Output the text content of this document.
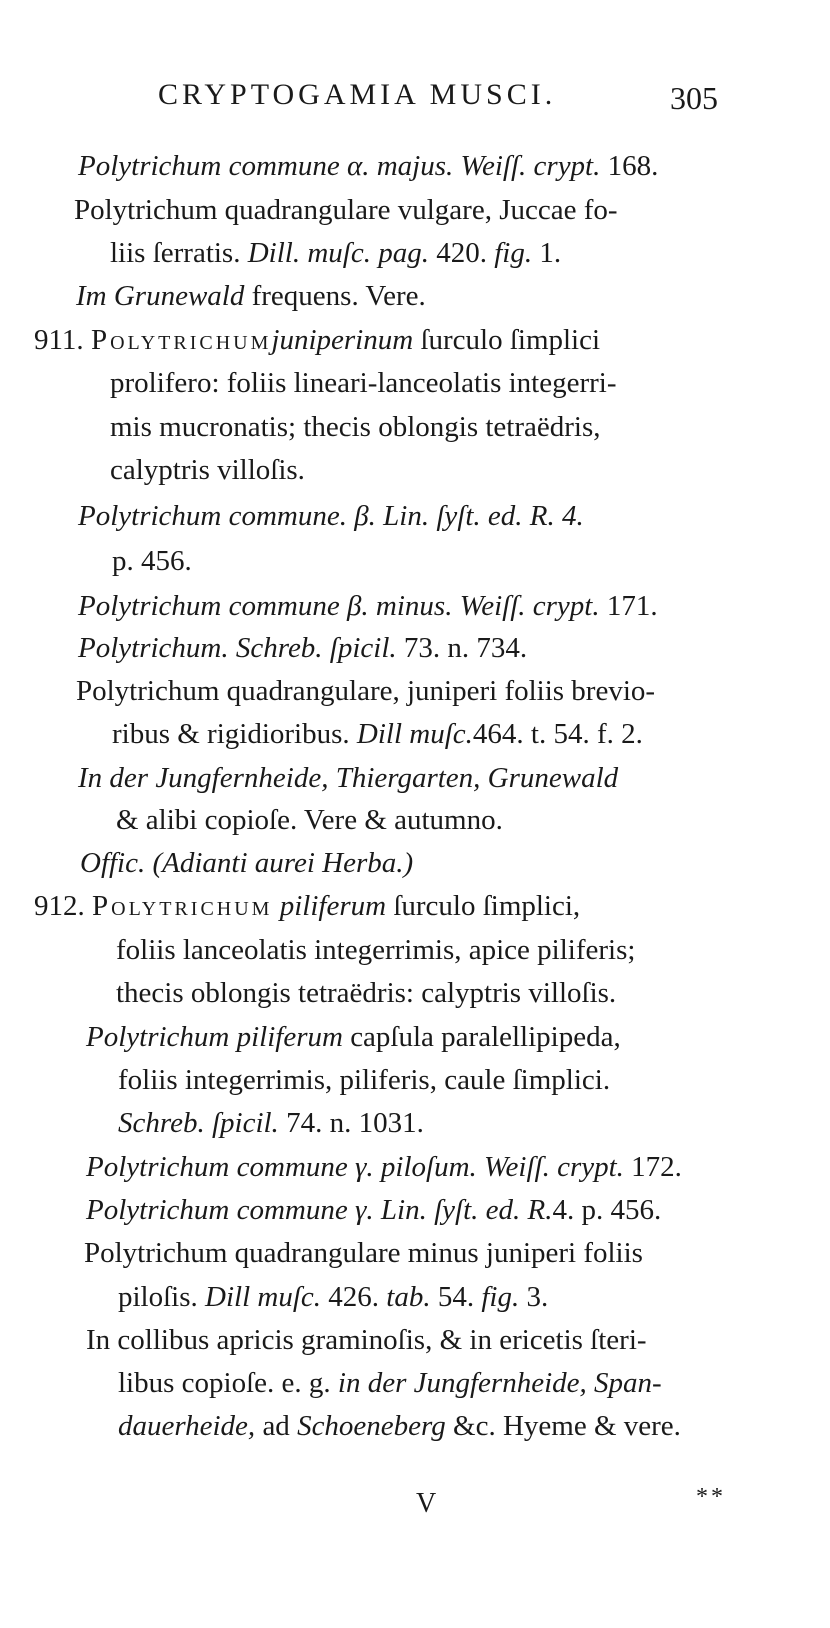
CRYPTOGAMIA MUSCI.	305
Polytrichum commune α. majus. Weiſſ. crypt. 168.
Polytrichum quadrangulare vulgare, Juccae fo-
liis ſerratis. Dill. muſc. pag. 420. fig. 1.
Im Grunewald frequens. Vere.
911. Polytrichumjuniperinum ſurculo ſimplici
prolifero: foliis lineari-lanceolatis integerri-
mis mucronatis; thecis oblongis tetraëdris,
calyptris villoſis.
Polytrichum commune. β. Lin. ſyſt. ed. R. 4.
p. 456.
Polytrichum commune β. minus. Weiſſ. crypt. 171.
Polytrichum. Schreb. ſpicil. 73. n. 734.
Polytrichum quadrangulare, juniperi foliis brevio-
ribus & rigidioribus. Dill muſc.464. t. 54. f. 2.
In der Jungfernheide, Thiergarten, Grunewald
& alibi copioſe. Vere & autumno.
Offic. (Adianti aurei Herba.)
912. Polytrichum piliferum ſurculo ſimplici,
foliis lanceolatis integerrimis, apice piliferis;
thecis oblongis tetraëdris: calyptris villoſis.
Polytrichum piliferum capſula paralellipipeda,
foliis integerrimis, piliferis, caule ſimplici.
Schreb. ſpicil. 74. n. 1031.
Polytrichum commune γ. piloſum. Weiſſ. crypt. 172.
Polytrichum commune γ. Lin. ſyſt. ed. R.4. p. 456.
Polytrichum quadrangulare minus juniperi foliis
piloſis. Dill muſc. 426. tab. 54. fig. 3.
In collibus apricis graminoſis, & in ericetis ſteri-
libus copioſe. e. g. in der Jungfernheide, Span-
dauerheide, ad Schoeneberg &c. Hyeme & vere.
V	**
